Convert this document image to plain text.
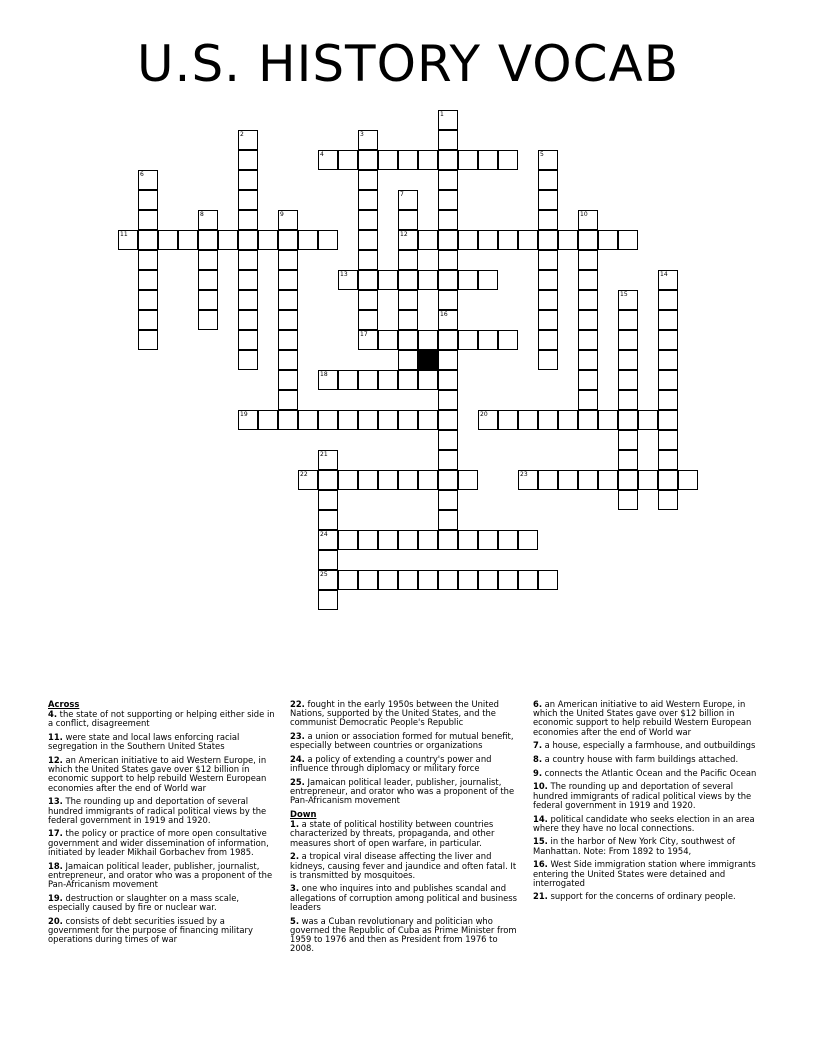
U.S. HISTORY VOCAB
1
2	3
4	5
6
7
8	9	10
11	12
13	14
15
16
17
18
19	20
21
22	23
24
25
Across
4. the state of not supporting or helping either side in a conflict, disagreement
11. were state and local laws enforcing racial segregation in the Southern United States
12. an American initiative to aid Western Europe, in which the United States gave over $12 billion in economic support to help rebuild Western European economies after the end of World war
13. The rounding up and deportation of several hundred immigrants of radical political views by the federal government in 1919 and 1920.
17. the policy or practice of more open consultative government and wider dissemination of information, initiated by leader Mikhail Gorbachev from 1985.
18. Jamaican political leader, publisher, journalist, entrepreneur, and orator who was a proponent of the Pan-Africanism movement
19. destruction or slaughter on a mass scale, especially caused by fire or nuclear war.
20. consists of debt securities issued by a government for the purpose of financing military operations during times of war
22. fought in the early 1950s between the United Nations, supported by the United States, and the communist Democratic People's Republic
23. a union or association formed for mutual benefit, especially between countries or organizations
24. a policy of extending a country's power and influence through diplomacy or military force
25. Jamaican political leader, publisher, journalist, entrepreneur, and orator who was a proponent of the Pan-Africanism movement
Down
1. a state of political hostility between countries characterized by threats, propaganda, and other measures short of open warfare, in particular.
2. a tropical viral disease affecting the liver and kidneys, causing fever and jaundice and often fatal. It is transmitted by mosquitoes.
3. one who inquires into and publishes scandal and allegations of corruption among political and business leaders
5. was a Cuban revolutionary and politician who governed the Republic of Cuba as Prime Minister from 1959 to 1976 and then as President from 1976 to 2008.
6. an American initiative to aid Western Europe, in which the United States gave over $12 billion in economic support to help rebuild Western European economies after the end of World war
7. a house, especially a farmhouse, and outbuildings
8. a country house with farm buildings attached.
9. connects the Atlantic Ocean and the Pacific Ocean
10. The rounding up and deportation of several hundred immigrants of radical political views by the federal government in 1919 and 1920.
14. political candidate who seeks election in an area where they have no local connections.
15. in the harbor of New York City, southwest of Manhattan. Note: From 1892 to 1954,
16. West Side immigration station where immigrants entering the United States were detained and interrogated
21. support for the concerns of ordinary people.
